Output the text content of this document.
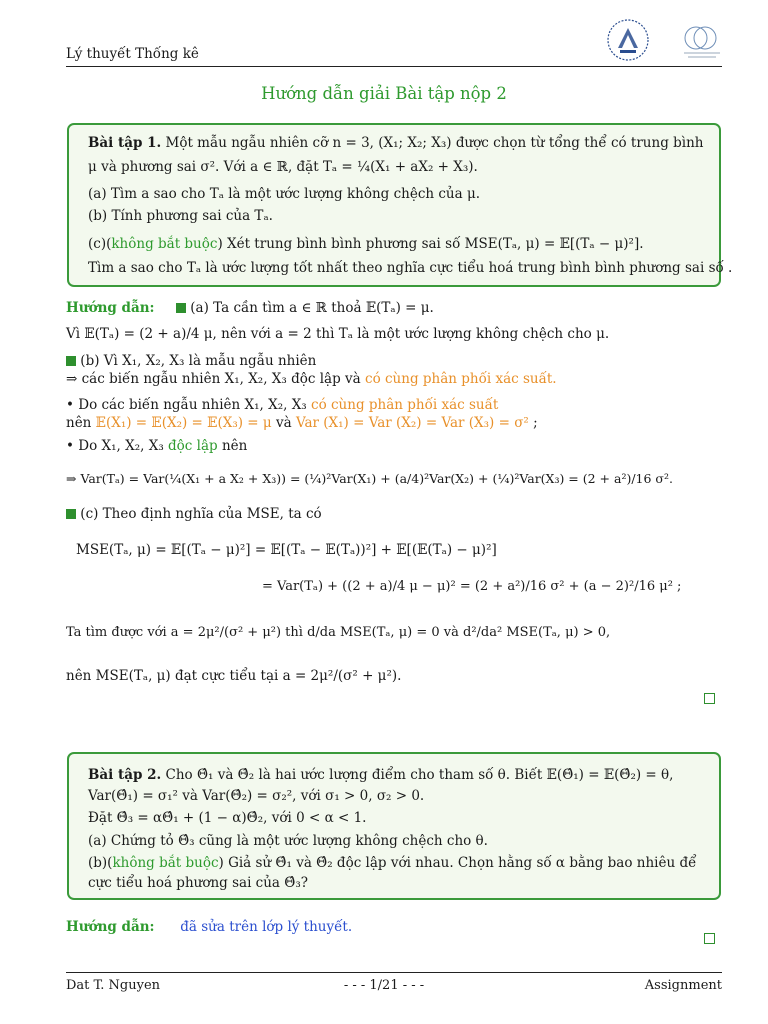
Lý thuyết Thống kê
Hướng dẫn giải Bài tập nộp 2
Bài tập 1. Một mẫu ngẫu nhiên cỡ n = 3, (X₁; X₂; X₃) được chọn từ tổng thể có trung bình
μ và phương sai σ². Với a ∈ ℝ, đặt Tₐ = ¼(X₁ + aX₂ + X₃).
(a) Tìm a sao cho Tₐ là một ước lượng không chệch của μ.
(b) Tính phương sai của Tₐ.
(c)(không bắt buộc) Xét trung bình bình phương sai số MSE(Tₐ, μ) = 𝔼[(Tₐ − μ)²].
Tìm a sao cho Tₐ là ước lượng tốt nhất theo nghĩa cực tiểu hoá trung bình bình phương sai số .
Hướng dẫn:	(a) Ta cần tìm a ∈ ℝ thoả 𝔼(Tₐ) = μ.
Vì 𝔼(Tₐ) = (2 + a)/4 μ, nên với a = 2 thì Tₐ là một ước lượng không chệch cho μ.
(b) Vì X₁, X₂, X₃ là mẫu ngẫu nhiên
⇒ các biến ngẫu nhiên X₁, X₂, X₃ độc lập và có cùng phân phối xác suất.
• Do các biến ngẫu nhiên X₁, X₂, X₃ có cùng phân phối xác suất
nên 𝔼(X₁) = 𝔼(X₂) = 𝔼(X₃) = μ và Var (X₁) = Var (X₂) = Var (X₃) = σ² ;
• Do X₁, X₂, X₃ độc lập nên
⇒ Var(Tₐ) = Var(¼(X₁ + a X₂ + X₃)) = (¼)²Var(X₁) + (a/4)²Var(X₂) + (¼)²Var(X₃) = (2 + a²)/16 σ².
(c) Theo định nghĩa của MSE, ta có
MSE(Tₐ, μ) = 𝔼[(Tₐ − μ)²] = 𝔼[(Tₐ − 𝔼(Tₐ))²] + 𝔼[(𝔼(Tₐ) − μ)²]
= Var(Tₐ) + ((2 + a)/4 μ − μ)² = (2 + a²)/16 σ² + (a − 2)²/16 μ² ;
Ta tìm được với a = 2μ²/(σ² + μ²) thì d/da MSE(Tₐ, μ) = 0 và d²/da² MSE(Tₐ, μ) > 0,
nên MSE(Tₐ, μ) đạt cực tiểu tại a = 2μ²/(σ² + μ²).
Bài tập 2. Cho Θ̂₁ và Θ̂₂ là hai ước lượng điểm cho tham số θ. Biết 𝔼(Θ̂₁) = 𝔼(Θ̂₂) = θ,
Var(Θ̂₁) = σ₁² và Var(Θ̂₂) = σ₂², với σ₁ > 0, σ₂ > 0.
Đặt Θ̂₃ = αΘ̂₁ + (1 − α)Θ̂₂, với 0 < α < 1.
(a) Chứng tỏ Θ̂₃ cũng là một ước lượng không chệch cho θ.
(b)(không bắt buộc) Giả sử Θ̂₁ và Θ̂₂ độc lập với nhau. Chọn hằng số α bằng bao nhiêu để
cực tiểu hoá phương sai của Θ̂₃?
Hướng dẫn: đã sửa trên lớp lý thuyết.
Dat T. Nguyen	- - - 1/21 - - -	Assignment
